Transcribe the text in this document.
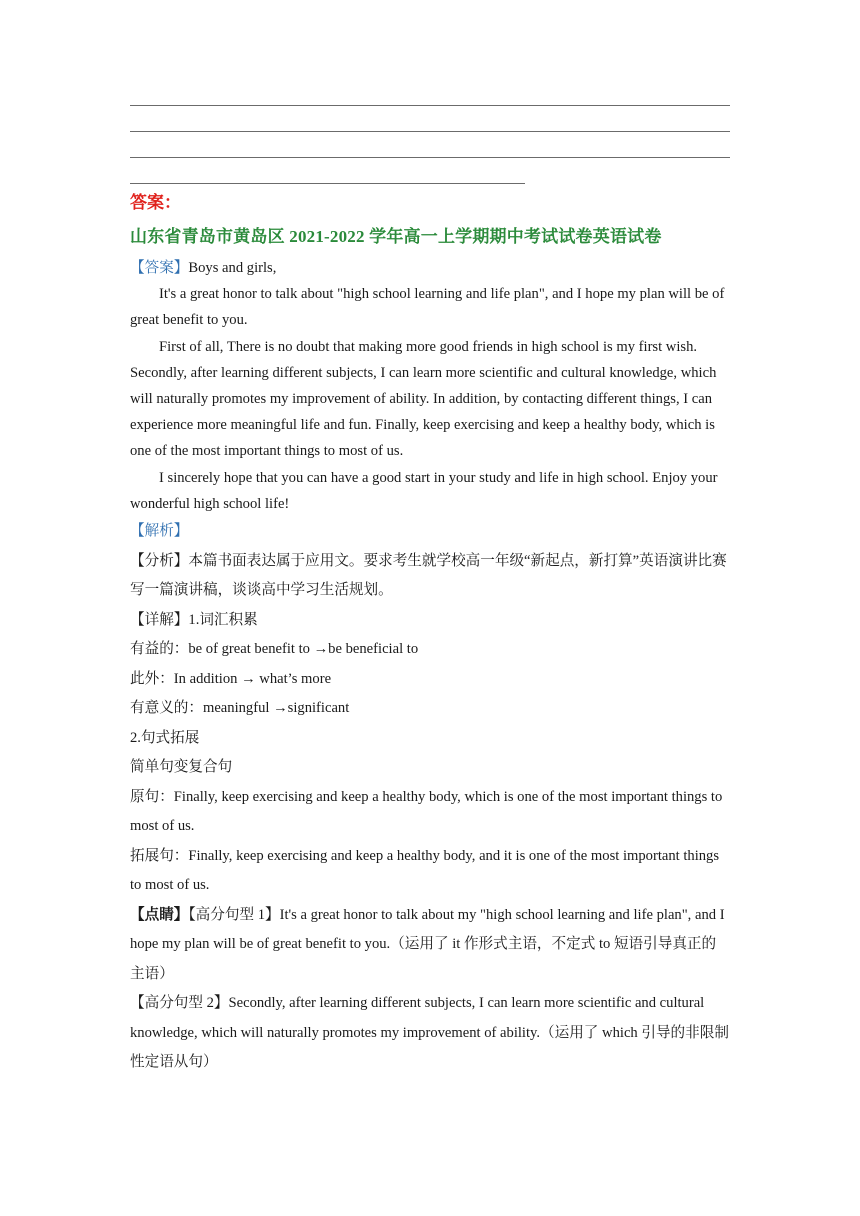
答案：
山东省青岛市黄岛区 2021-2022 学年高一上学期期中考试试卷英语试卷

【答案】Boys and girls,

It's a great honor to talk about "high school learning and life plan", and I hope my plan will be of great benefit to you.

First of all, There is no doubt that making more good friends in high school is my first wish. Secondly, after learning different subjects, I can learn more scientific and cultural knowledge, which will naturally promotes my improvement of ability. In addition, by contacting different things, I can experience more meaningful life and fun. Finally, keep exercising and keep a healthy body, which is one of the most important things to most of us.

I sincerely hope that you can have a good start in your study and life in high school. Enjoy your wonderful high school life!

【解析】

【分析】本篇书面表达属于应用文。要求考生就学校高一年级“新起点，新打算”英语演讲比赛写一篇演讲稿，谈谈高中学习生活规划。

【详解】1.词汇积累

有益的：be of great benefit to →be beneficial to

此外：In addition → what’s more

有意义的：meaningful →significant

2.句式拓展

简单句变复合句

原句：Finally, keep exercising and keep a healthy body, which is one of the most important things to most of us.

拓展句：Finally, keep exercising and keep a healthy body, and it is one of the most important things to most of us.

【点睛】【高分句型 1】It's a great honor to talk about my "high school learning and life plan", and I hope my plan will be of great benefit to you.（运用了 it 作形式主语，不定式 to 短语引导真正的主语）

【高分句型 2】Secondly, after learning different subjects, I can learn more scientific and cultural knowledge, which will naturally promotes my improvement of ability.（运用了 which 引导的非限制性定语从句）
